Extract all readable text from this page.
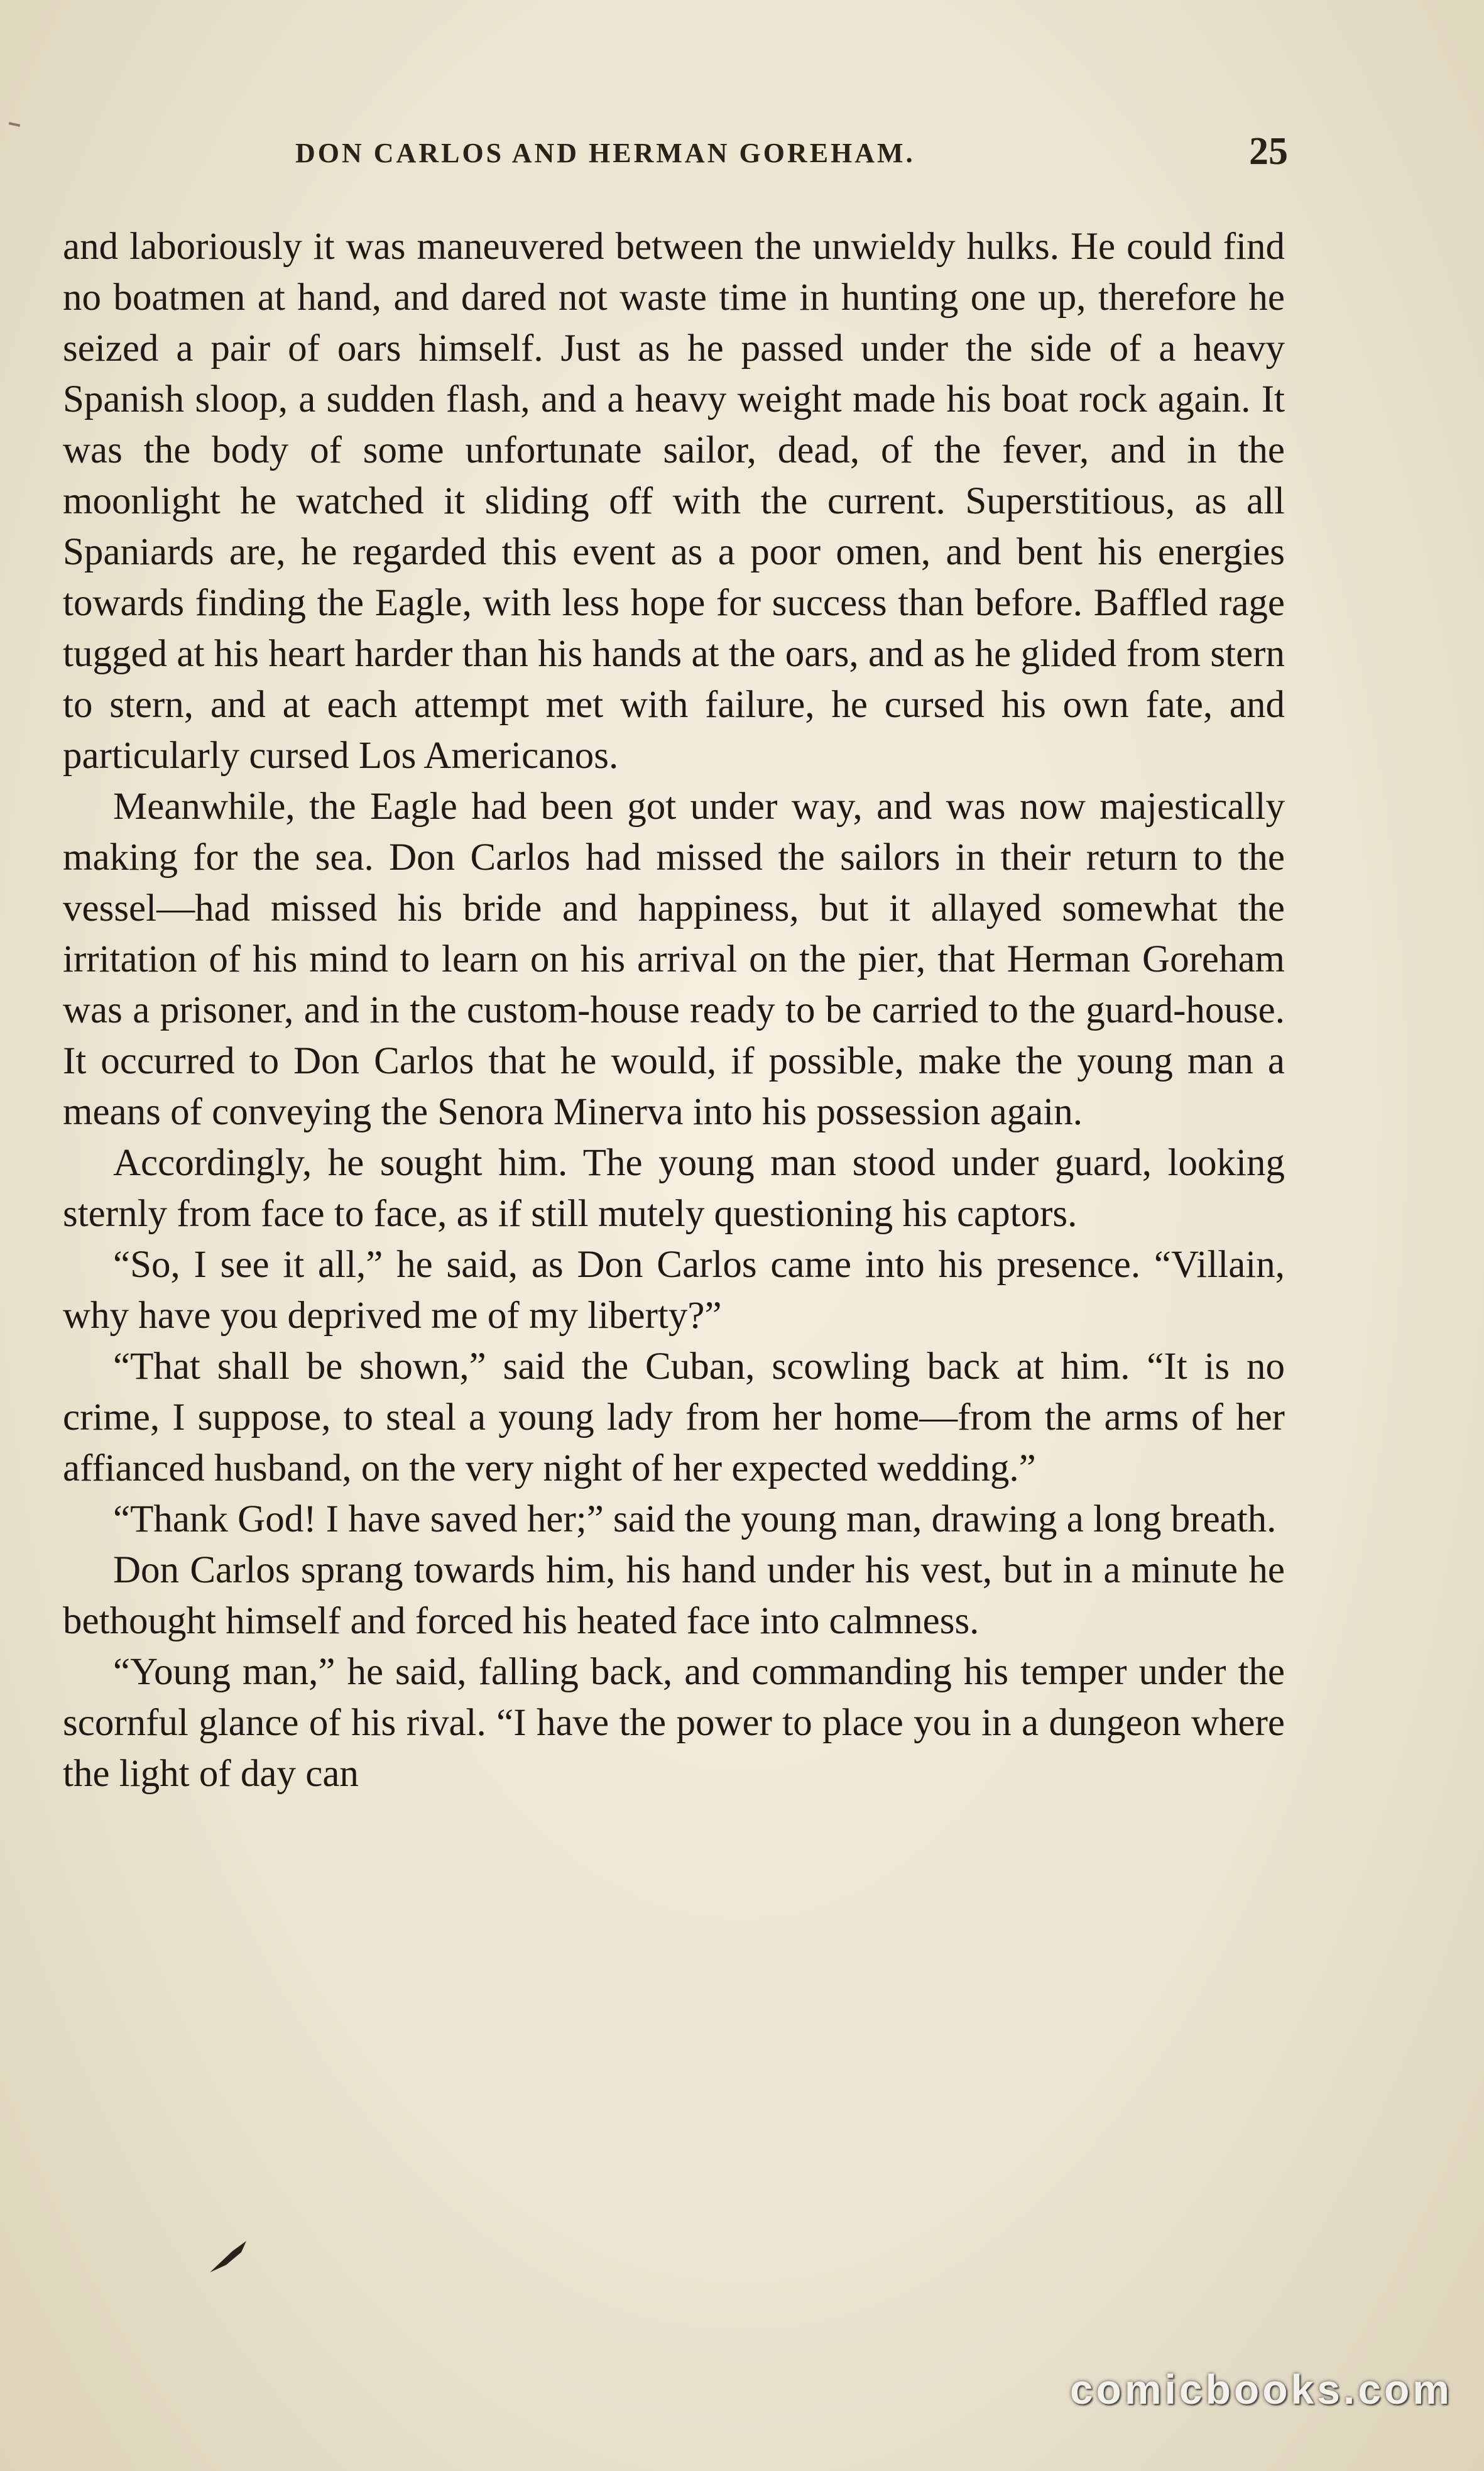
DON CARLOS AND HERMAN GOREHAM.	25

and laboriously it was maneuvered between the unwieldy hulks. He could find no boatmen at hand, and dared not waste time in hunting one up, therefore he seized a pair of oars himself. Just as he passed under the side of a heavy Spanish sloop, a sudden flash, and a heavy weight made his boat rock again. It was the body of some unfortunate sailor, dead, of the fever, and in the moonlight he watched it sliding off with the current. Superstitious, as all Spaniards are, he regarded this event as a poor omen, and bent his energies towards finding the Eagle, with less hope for success than before. Baffled rage tugged at his heart harder than his hands at the oars, and as he glided from stern to stern, and at each attempt met with failure, he cursed his own fate, and particularly cursed Los Americanos.

Meanwhile, the Eagle had been got under way, and was now majestically making for the sea. Don Carlos had missed the sailors in their return to the vessel—had missed his bride and happiness, but it allayed somewhat the irritation of his mind to learn on his arrival on the pier, that Herman Goreham was a prisoner, and in the custom-house ready to be carried to the guard-house. It occurred to Don Carlos that he would, if possible, make the young man a means of conveying the Senora Minerva into his possession again.

Accordingly, he sought him. The young man stood under guard, looking sternly from face to face, as if still mutely questioning his captors.

“So, I see it all,” he said, as Don Carlos came into his presence. “Villain, why have you deprived me of my liberty?”

“That shall be shown,” said the Cuban, scowling back at him. “It is no crime, I suppose, to steal a young lady from her home—from the arms of her affianced husband, on the very night of her expected wedding.”

“Thank God! I have saved her;” said the young man, drawing a long breath.

Don Carlos sprang towards him, his hand under his vest, but in a minute he bethought himself and forced his heated face into calmness.

“Young man,” he said, falling back, and commanding his temper under the scornful glance of his rival. “I have the power to place you in a dungeon where the light of day can

comicbooks.com
